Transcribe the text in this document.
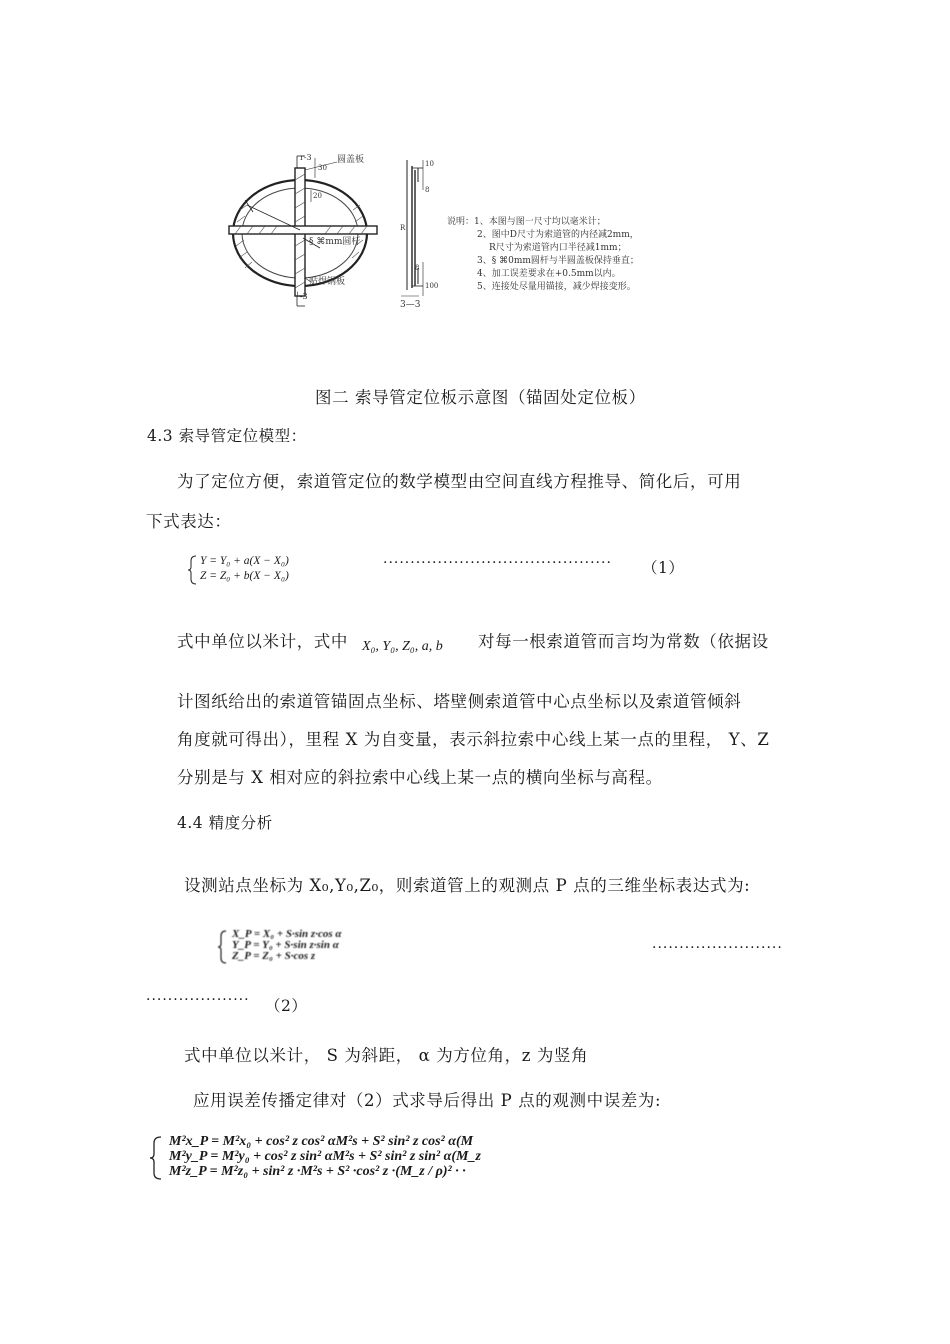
r-3	圆盖板
30
20
§ ⌘mm圆杆
贴焊钢板
└-3
R
10
8
8
100
3—3
说明：1、本图与图一尺寸均以毫米计；
2、图中D尺寸为索道管的内径减2mm，
R尺寸为索道管内口半径减1mm；
3、§ ⌘0mm圆杆与半圆盖板保持垂直；
4、加工误差要求在+0.5mm以内。
5、连接处尽量用锚接，减少焊接变形。
图二 索导管定位板示意图（锚固处定位板）
4.3 索导管定位模型：
为了定位方便，索道管定位的数学模型由空间直线方程推导、简化后，可用
下式表达：
Y = Y₀ + a(X − X₀)
Z = Z₀ + b(X − X₀)
·········································· （1）
式中单位以米计，式中 X₀, Y₀, Z₀, a, b 对每一根索道管而言均为常数（依据设
计图纸给出的索道管锚固点坐标、塔壁侧索道管中心点坐标以及索道管倾斜
角度就可得出），里程 X 为自变量，表示斜拉索中心线上某一点的里程， Y、Z
分别是与 X 相对应的斜拉索中心线上某一点的横向坐标与高程。
4.4 精度分析
设测站点坐标为 X₀,Y₀,Z₀，则索道管上的观测点 P 点的三维坐标表达式为:
X_P = X₀ + S·sin z·cos α
Y_P = Y₀ + S·sin z·sin α
Z_P = Z₀ + S·cos z	························
··················· （2）
式中单位以米计， S 为斜距， α 为方位角，z 为竖角
应用误差传播定律对（2）式求导后得出 P 点的观测中误差为:
M²x_P = M²x₀ + cos² z cos² αM²s + S² sin² z cos² α(M
M²y_P = M²y₀ + cos² z sin² αM²s + S² sin² z sin² α(M_z
M²z_P = M²z₀ + sin² z ·M²s + S² ·cos² z ·(M_z / ρ)² · ·
